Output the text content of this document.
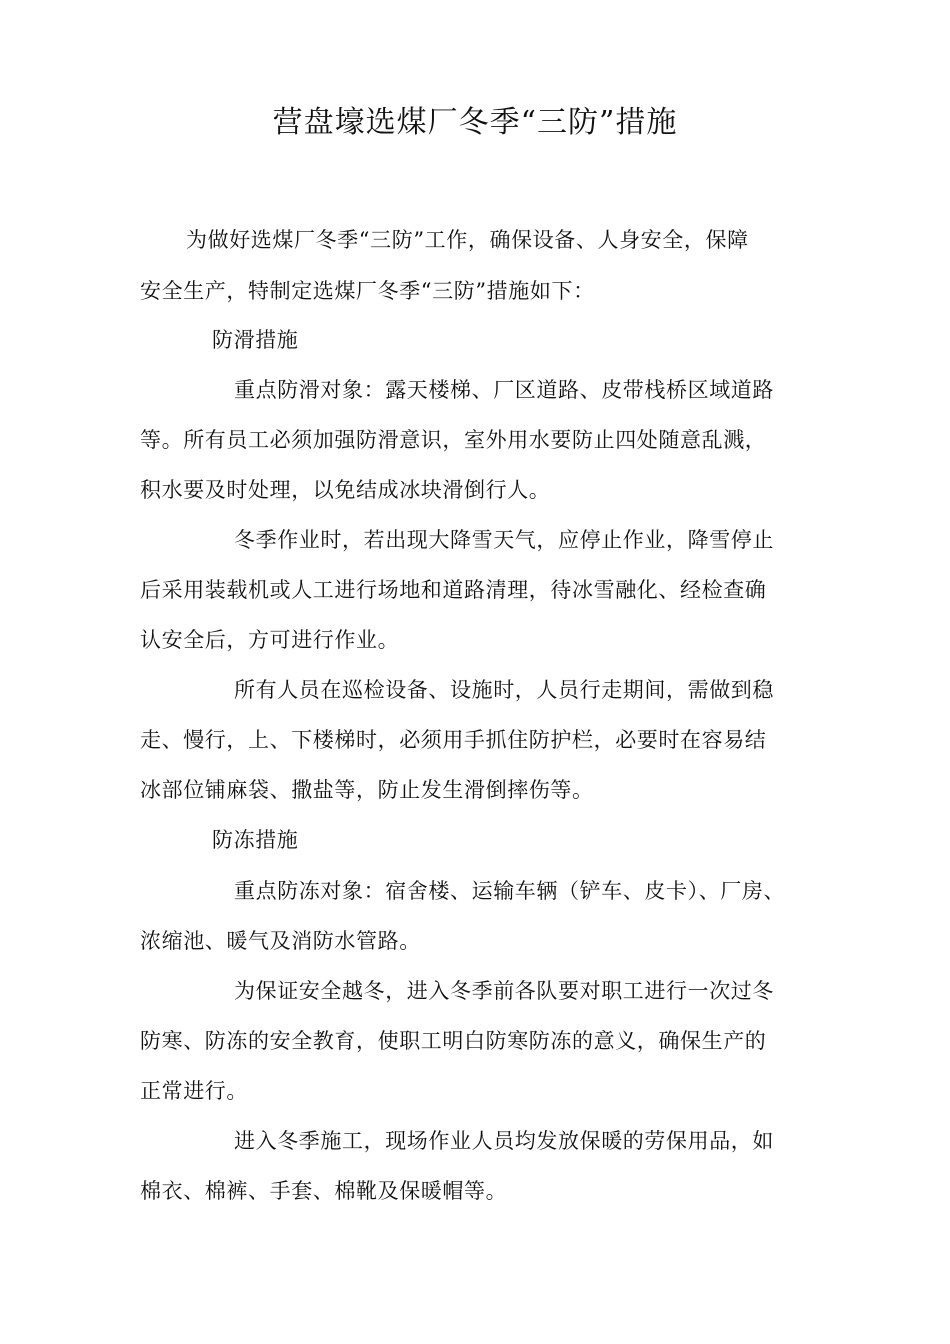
营盘壕选煤厂冬季“三防”措施
为做好选煤厂冬季“三防”工作，确保设备、人身安全，保障
安全生产，特制定选煤厂冬季“三防”措施如下：
防滑措施
重点防滑对象：露天楼梯、厂区道路、皮带栈桥区域道路
等。所有员工必须加强防滑意识，室外用水要防止四处随意乱溅，
积水要及时处理，以免结成冰块滑倒行人。
冬季作业时，若出现大降雪天气，应停止作业，降雪停止
后采用装载机或人工进行场地和道路清理，待冰雪融化、经检查确
认安全后，方可进行作业。
所有人员在巡检设备、设施时，人员行走期间，需做到稳
走、慢行，上、下楼梯时，必须用手抓住防护栏，必要时在容易结
冰部位铺麻袋、撒盐等，防止发生滑倒摔伤等。
防冻措施
重点防冻对象：宿舍楼、运输车辆（铲车、皮卡）、厂房、
浓缩池、暖气及消防水管路。
为保证安全越冬，进入冬季前各队要对职工进行一次过冬
防寒、防冻的安全教育，使职工明白防寒防冻的意义，确保生产的
正常进行。
进入冬季施工，现场作业人员均发放保暖的劳保用品，如
棉衣、棉裤、手套、棉靴及保暖帽等。
